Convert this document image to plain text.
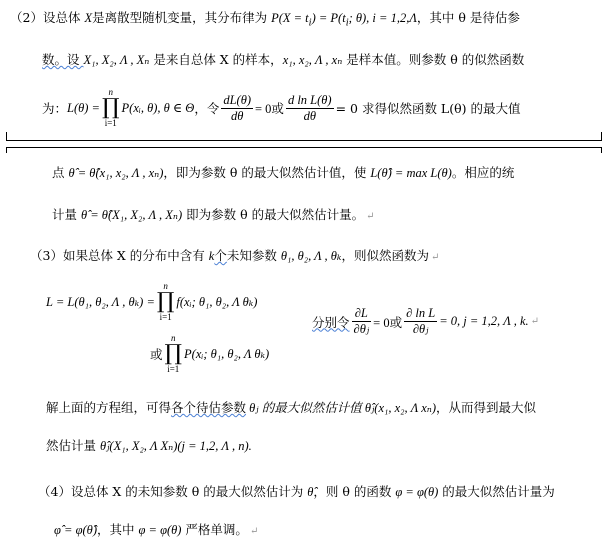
（2）设总体 X是离散型随机变量，其分布律为 $P(X = t_i) = P(t_i$; θ), i = 1,2,Λ，其中 θ 是待估参
数。设 X₁, X₂, Λ , Xₙ 是来自总体 X 的样本，x₁, x₂, Λ , xₙ 是样本值。则参数 θ 的似然函数
为： L(θ) =
n
∏
i=1
P(xᵢ, θ), θ ∈ Θ ，令 $\frac{dL(\theta)}{d\theta} = 0$或 $\frac{\text{d ln L(θ)}}{d\theta} = 0$ 求得似然函数 L(θ) 的最大值
点 θ̂ = θ̂(x₁, x₂, Λ , xₙ)，即为参数 θ 的最大似然估计值，使 L(θ̂) = max L(θ)。相应的统
计量 θ̂ = θ̂(X₁, X₂, Λ , Xₙ) 即为参数 θ 的最大似然估计量。 ↵
（3）如果总体 X 的分布中含有 k个未知参数 θ₁, θ₂, Λ , θₖ，则似然函数为 ↵
L = L(θ₁, θ₂, Λ , θₖ) =
n
∏
i=1
f(xᵢ; θ₁, θ₂, Λ θₖ)
或
n
∏
i=1
P(xᵢ; θ₁, θ₂, Λ θₖ)
分别令 $\frac{\partial L}{\text{∂θⱼ}} = 0$或 $\frac{\text{∂ ln L}}{\text{∂θⱼ}} = 0$, j = 1,2, Λ , k. ↵
解上面的方程组，可得各个待估参数 θⱼ 的最大似然估计值 θ̂ⱼ(x₁, x₂, Λ xₙ)，从而得到最大似
然估计量 θ̂ⱼ(X₁, X₂, Λ Xₙ)(j = 1,2, Λ , n).
（4）设总体 X 的未知参数 θ 的最大似然估计为 θ̂，则 θ 的函数 φ = φ(θ) 的最大似然估计量为
φ̂ = φ(θ̂)，其中 φ = φ(θ) 严格单调。 ↵
